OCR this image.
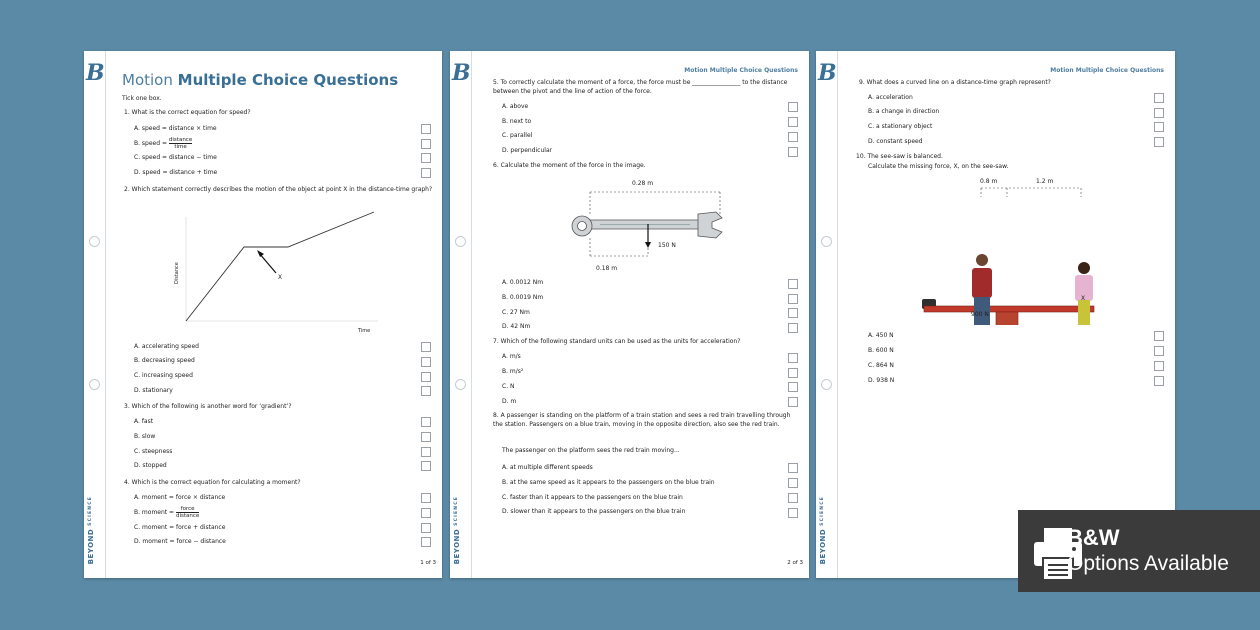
B
BEYOND SCIENCE
Motion Multiple Choice Questions
Tick one box.
1. What is the correct equation for speed?
A. speed = distance × time
B. speed = $\frac{\text{distance}}{\text{time}}$
C. speed = distance − time
D. speed = distance + time
2. Which statement correctly describes the motion of the object at point X in the distance-time graph?
X
Distance
Time
A. accelerating speed
B. decreasing speed
C. increasing speed
D. stationary
3. Which of the following is another word for ‘gradient’?
A. fast
B. slow
C. steepness
D. stopped
4. Which is the correct equation for calculating a moment?
A. moment = force × distance
B. moment = $\frac{\text{force}}{\text{distance}}$
C. moment = force + distance
D. moment = force − distance
1 of 3
B
BEYOND SCIENCE
Motion Multiple Choice Questions
5. To correctly calculate the moment of a force, the force must be ________________ to the distance between the pivot and the line of action of the force.
A. above
B. next to
C. parallel
D. perpendicular
6. Calculate the moment of the force in the image.
0.28 m
150 N
0.18 m
A. 0.0012 Nm
B. 0.0019 Nm
C. 27 Nm
D. 42 Nm
7. Which of the following standard units can be used as the units for acceleration?
A. m/s
B. m/s²
C. N
D. m
8. A passenger is standing on the platform of a train station and sees a red train travelling through the station. Passengers on a blue train, moving in the opposite direction, also see the red train.
The passenger on the platform sees the red train moving...
A. at multiple different speeds
B. at the same speed as it appears to the passengers on the blue train
C. faster than it appears to the passengers on the blue train
D. slower than it appears to the passengers on the blue train
2 of 3
B
BEYOND SCIENCE
Motion Multiple Choice Questions
9. What does a curved line on a distance-time graph represent?
A. acceleration
B. a change in direction
C. a stationary object
D. constant speed
10. The see-saw is balanced.
Calculate the missing force, X, on the see-saw.
0.8 m	1.2 m
900 N
X
A. 450 N
B. 600 N
C. 864 N
D. 938 N
B&W
Options Available
